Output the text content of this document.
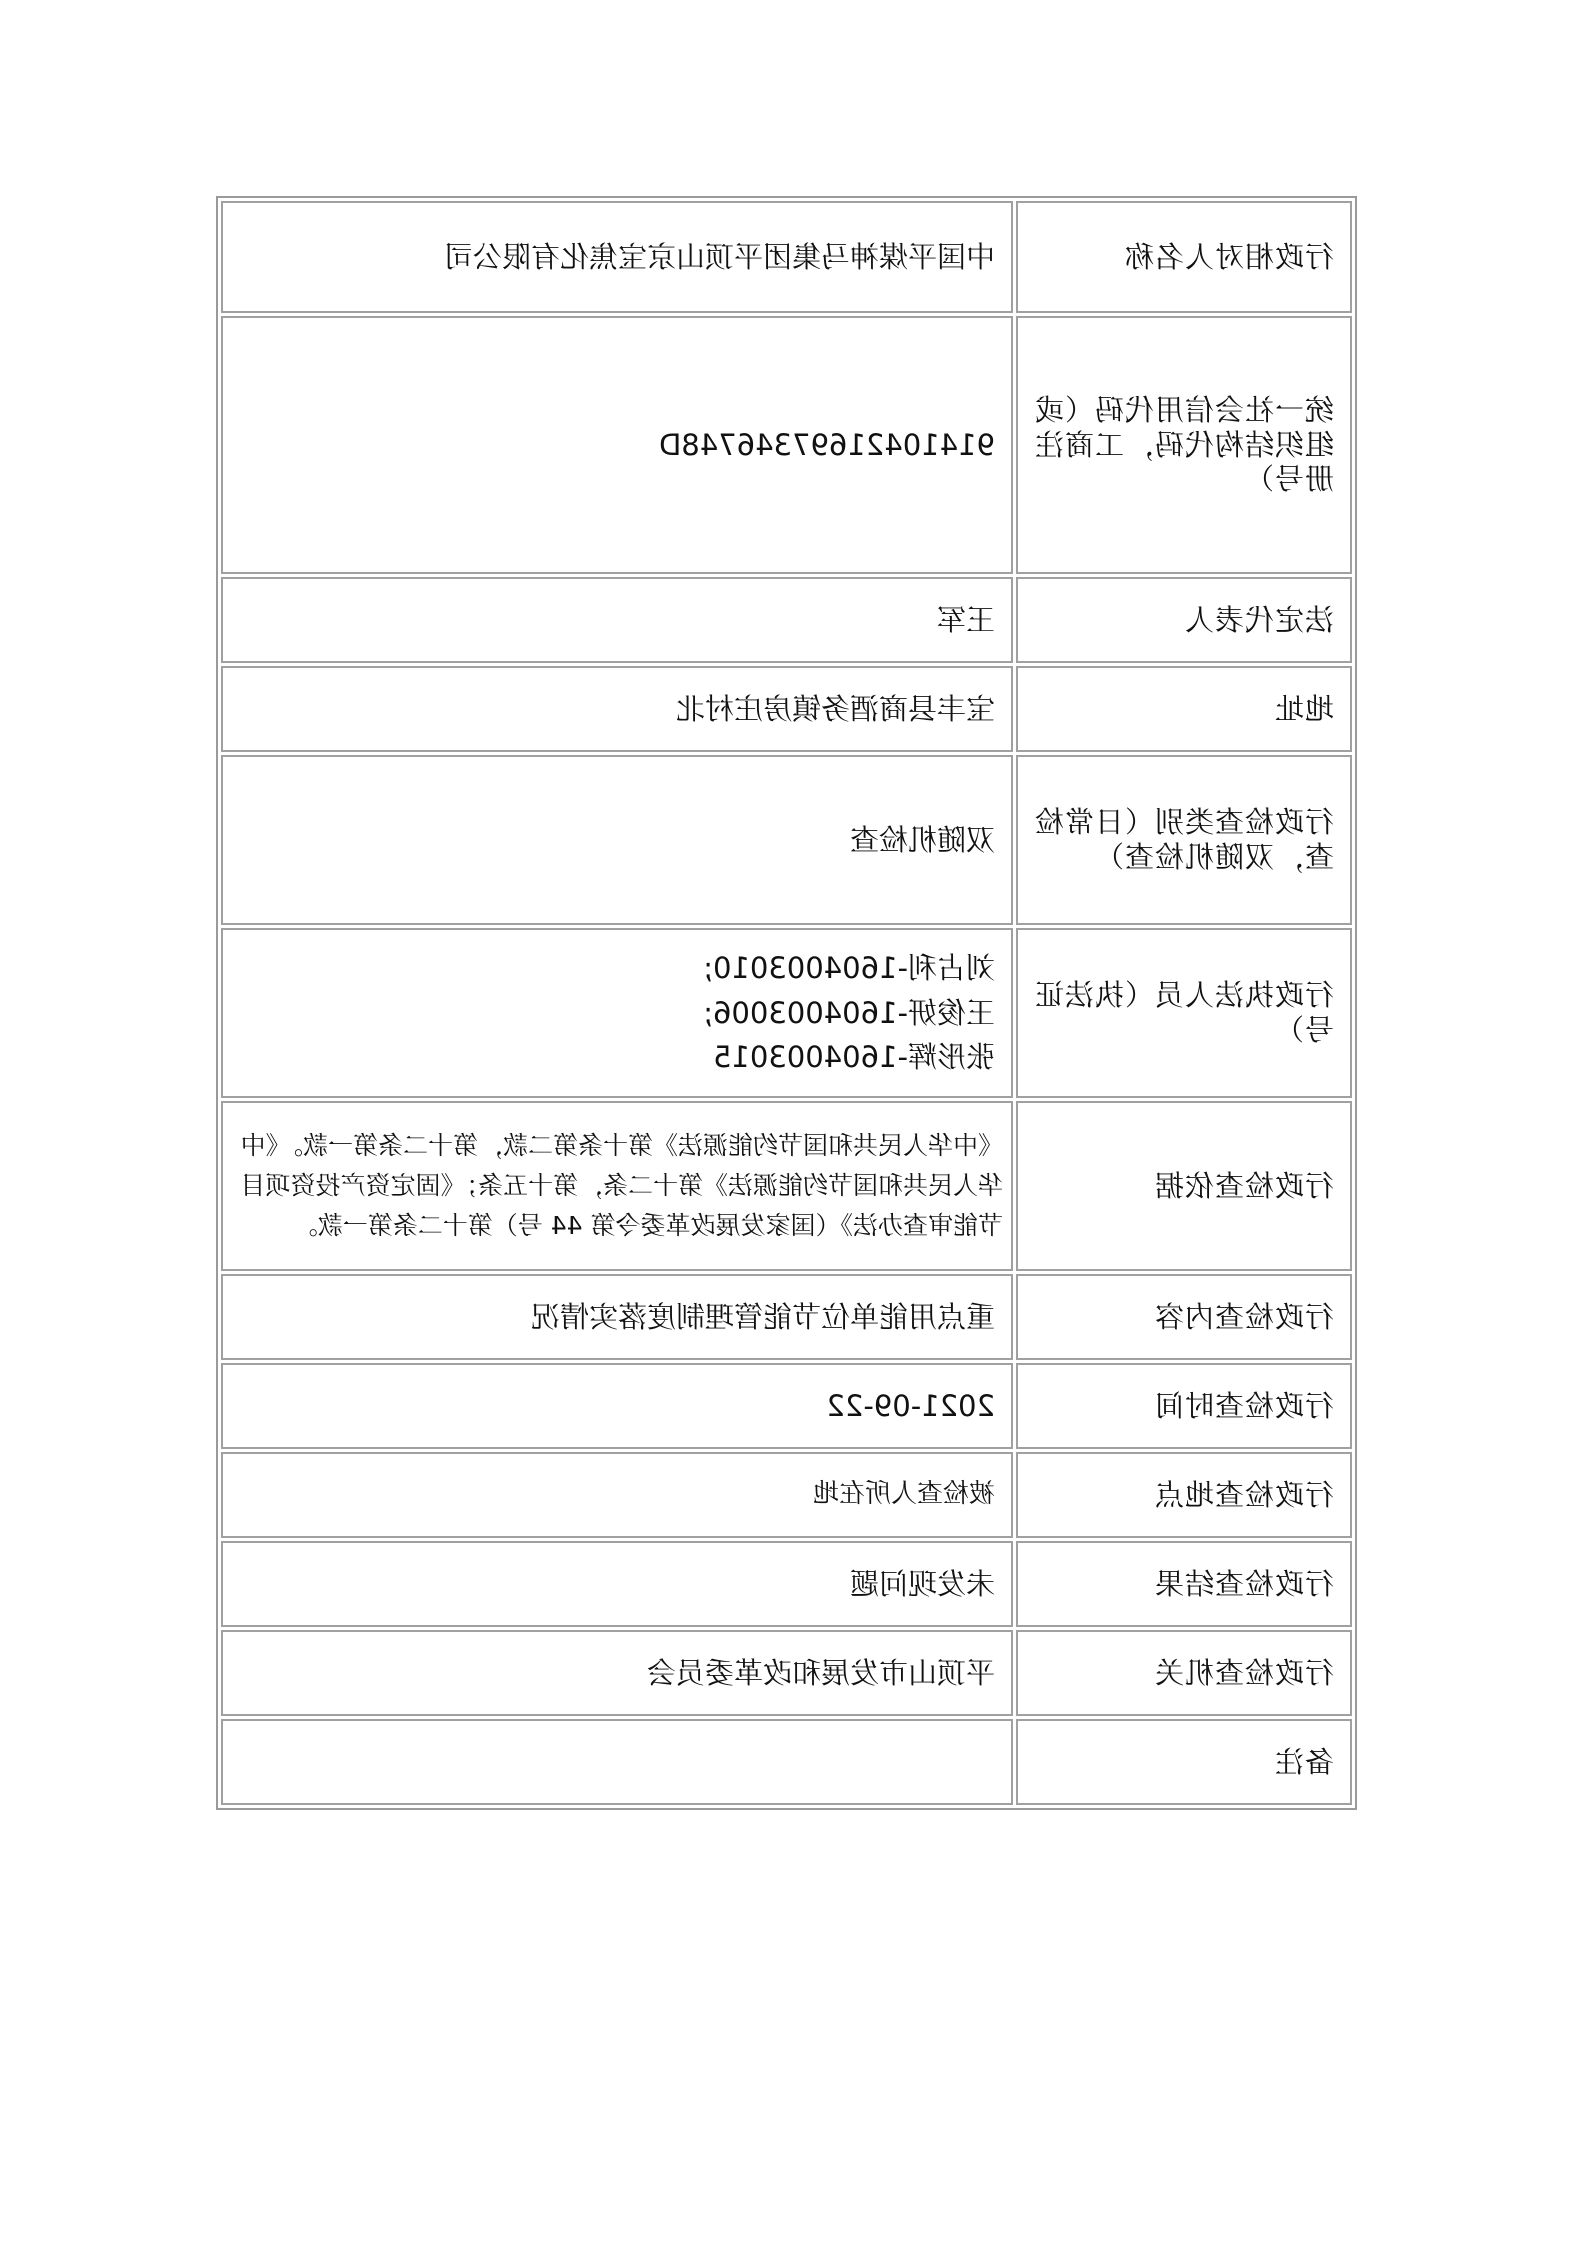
行政相对人名称	中国平煤神马集团平顶山京宝焦化有限公司
统一社会信用代码（或组织结构代码，工商注册号）	91410421697346748D
法定代表人	王军
地址	宝丰县商酒务镇房庄村北
行政检查类别（日常检查，双随机检查）	双随机检查
行政执法人员（执法证号）	刘占利-1604003010;
王俊妍-1604003006;
张彤辉-1604003015

行政检查依据	《中华人民共和国节约能源法》第十条第二款，第十二条第一款。《中华人民共和国节约能源法》第十二条，第十五条；《固定资产投资项目节能审查办法》（国家发展改革委令第 44 号）第十二条第一款。
行政检查内容	重点用能单位节能管理制度落实情况
行政检查时间	2021-09-22
行政检查地点	被检查人所在地
行政检查结果	未发现问题
行政检查机关	平顶山市发展和改革委员会
备注	
